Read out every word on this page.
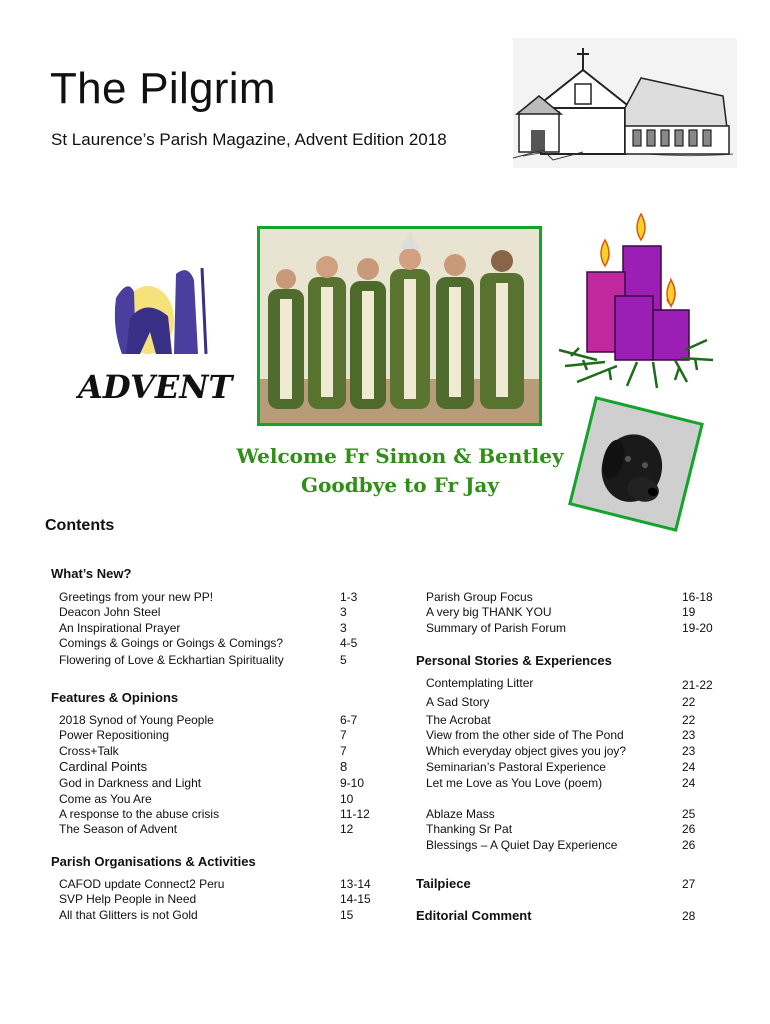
The Pilgrim
St Laurence’s Parish Magazine, Advent Edition 2018
ADVENT
Welcome Fr Simon & Bentley
Goodbye to Fr Jay
Contents
What’s New?
Greetings from your new PP!	1-3
Deacon John Steel	3
An Inspirational Prayer	3
Comings & Goings or Goings & Comings?	4-5
Flowering of Love & Eckhartian Spirituality	5
Features & Opinions
2018 Synod of Young People	6-7
Power Repositioning	7
Cross+Talk	7
Cardinal Points	8
God in Darkness and Light	9-10
Come as You Are	10
A response to the abuse crisis	11-12
The Season of Advent	12
Parish Organisations & Activities
CAFOD update Connect2 Peru	13-14
SVP Help People in Need	14-15
All that Glitters is not Gold	15
Parish Group Focus	16-18
A very big THANK YOU	19
Summary of Parish Forum	19-20
Personal Stories & Experiences
Contemplating Litter	21-22
A Sad Story	22
The Acrobat	22
View from the other side of The Pond	23
Which everyday object gives you joy?	23
Seminarian’s Pastoral Experience	24
Let me Love as You Love (poem)	24
Ablaze Mass	25
Thanking Sr Pat	26
Blessings – A Quiet Day Experience	26
Tailpiece	27
Editorial Comment	28
